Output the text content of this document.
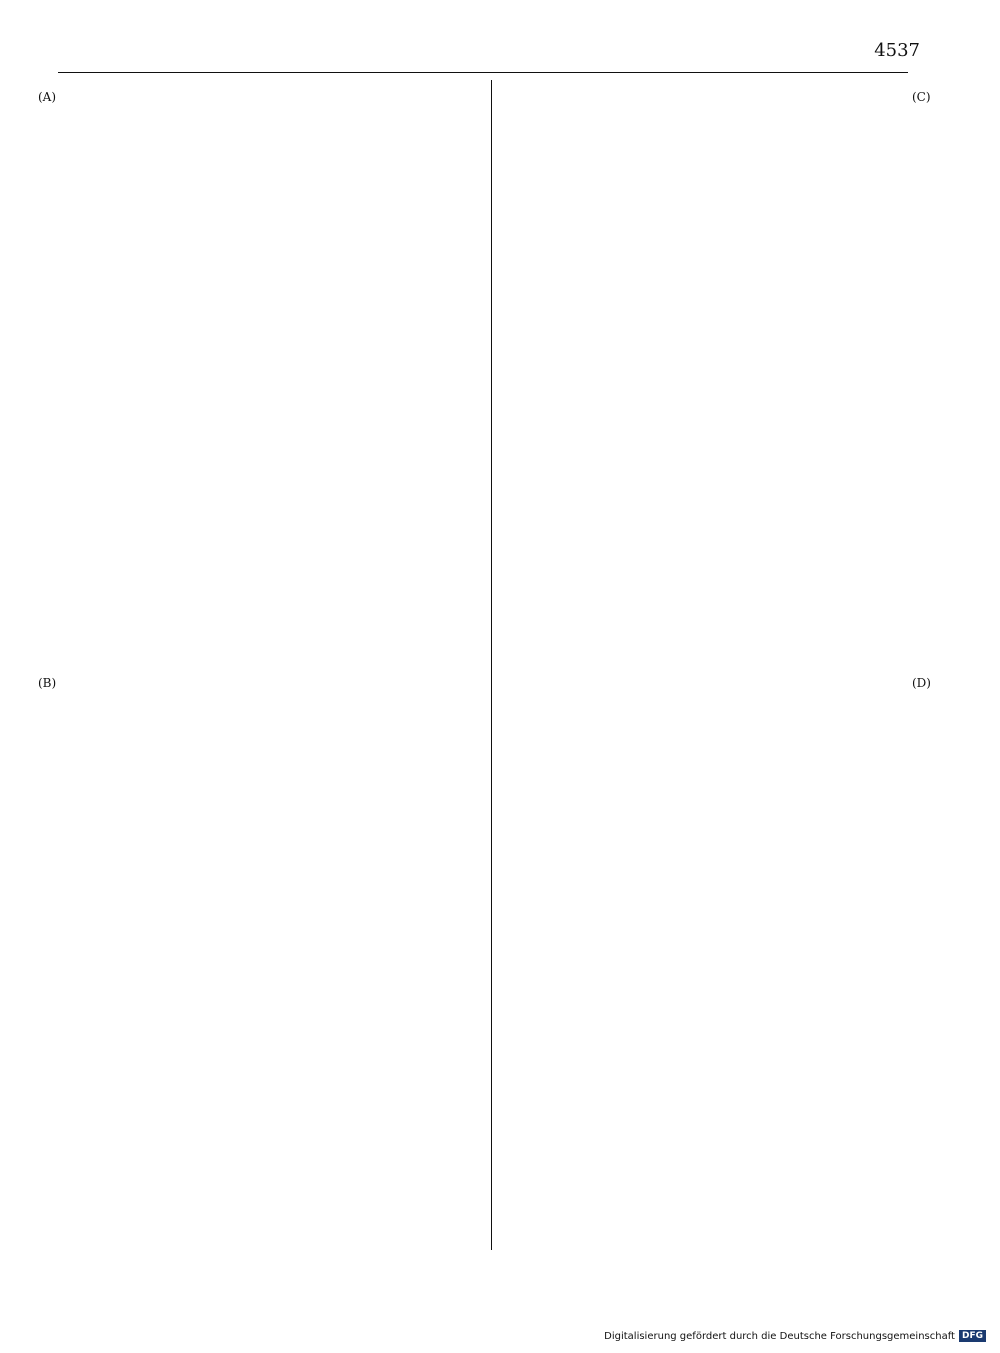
4537
(A)
(B)
(C)
(D)
Digitalisierung gefördert durch die Deutsche Forschungsgemeinschaft DFG
